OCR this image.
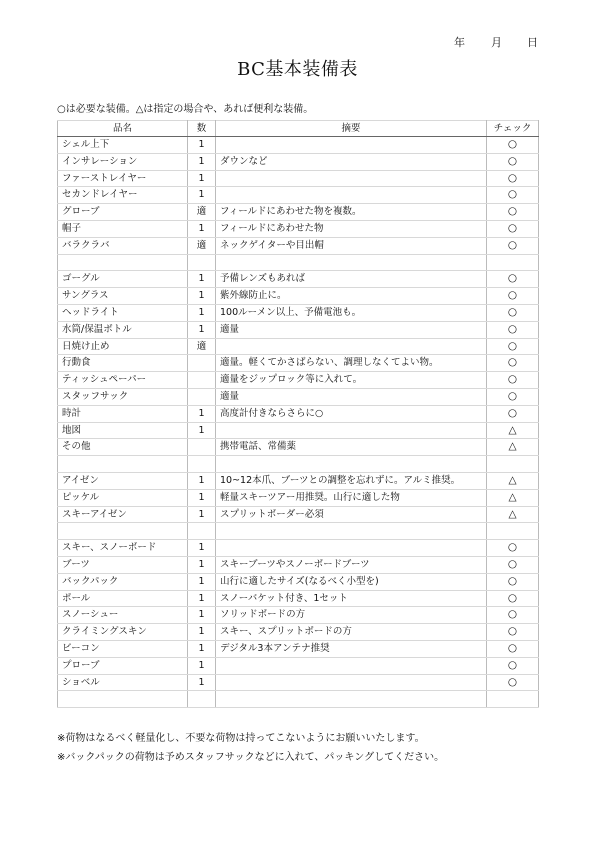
年 月 日
BC基本装備表
○は必要な装備。△は指定の場合や、あれば便利な装備。
品名	数	摘要	チェック
シェル上下	1		○
インサレーション	1	ダウンなど	○
ファーストレイヤー	1		○
セカンドレイヤー	1		○
グローブ	適	フィールドにあわせた物を複数。	○
帽子	1	フィールドにあわせた物	○
バラクラバ	適	ネックゲイターや目出帽	○

ゴーグル	1	予備レンズもあれば	○
サングラス	1	紫外線防止に。	○
ヘッドライト	1	100ルーメン以上、予備電池も。	○
水筒/保温ボトル	1	適量	○
日焼け止め	適		○
行動食		適量。軽くてかさばらない、調理しなくてよい物。	○
ティッシュペーパー		適量をジップロック等に入れて。	○
スタッフサック		適量	○
時計	1	高度計付きならさらに○	○
地図	1		△
その他		携帯電話、常備薬	△

アイゼン	1	10~12本爪、ブーツとの調整を忘れずに。アルミ推奨。	△
ピッケル	1	軽量スキーツアー用推奨。山行に適した物	△
スキーアイゼン	1	スプリットボーダー必須	△

スキー、スノーボード	1		○
ブーツ	1	スキーブーツやスノーボードブーツ	○
バックパック	1	山行に適したサイズ(なるべく小型を)	○
ポール	1	スノーバケット付き、1セット	○
スノーシュー	1	ソリッドボードの方	○
クライミングスキン	1	スキー、スプリットボードの方	○
ビーコン	1	デジタル3本アンテナ推奨	○
プローブ	1		○
ショベル	1		○

※荷物はなるべく軽量化し、不要な荷物は持ってこないようにお願いいたします。
※バックパックの荷物は予めスタッフサックなどに入れて、パッキングしてください。
